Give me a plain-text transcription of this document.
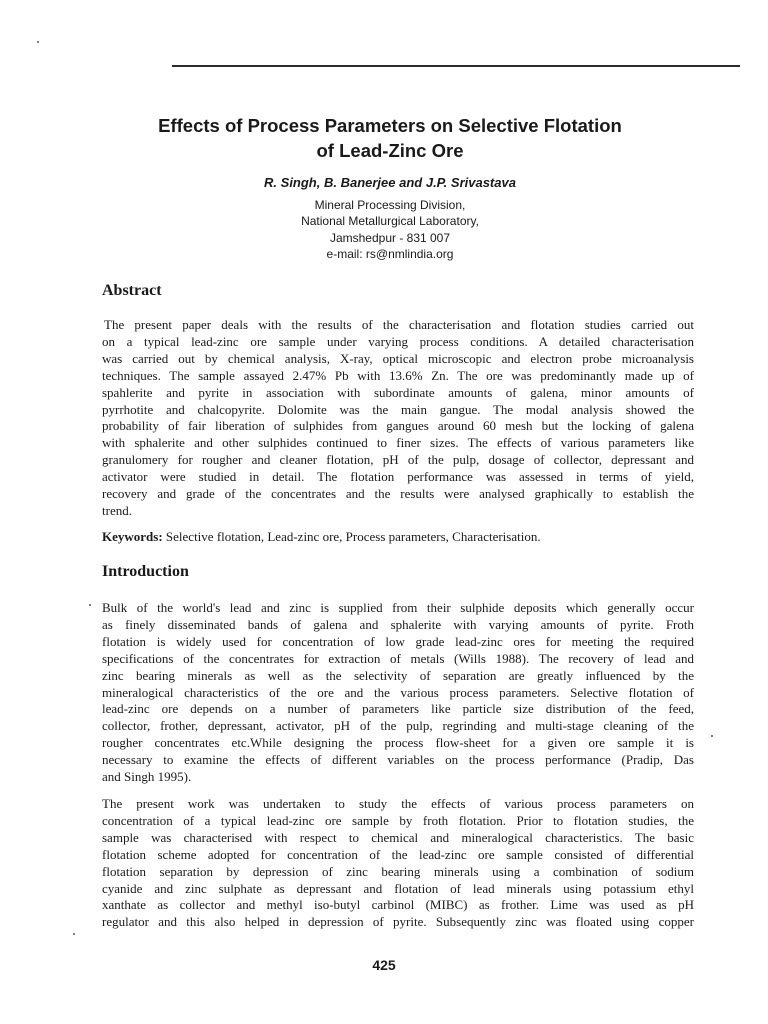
Effects of Process Parameters on Selective Flotation
of Lead-Zinc Ore
R. Singh, B. Banerjee and J.P. Srivastava
Mineral Processing Division,
National Metallurgical Laboratory,
Jamshedpur - 831 007
e-mail: rs@nmlindia.org
Abstract
The present paper deals with the results of the characterisation and flotation studies carried out
on a typical lead-zinc ore sample under varying process conditions. A detailed characterisation
was carried out by chemical analysis, X-ray, optical microscopic and electron probe microanalysis
techniques. The sample assayed 2.47% Pb with 13.6% Zn. The ore was predominantly made up of
spahlerite and pyrite in association with subordinate amounts of galena, minor amounts of
pyrrhotite and chalcopyrite. Dolomite was the main gangue. The modal analysis showed the
probability of fair liberation of sulphides from gangues around 60 mesh but the locking of galena
with sphalerite and other sulphides continued to finer sizes. The effects of various parameters like
granulomery for rougher and cleaner flotation, pH of the pulp, dosage of collector, depressant and
activator were studied in detail. The flotation performance was assessed in terms of yield,
recovery and grade of the concentrates and the results were analysed graphically to establish the
trend.
Keywords: Selective flotation, Lead-zinc ore, Process parameters, Characterisation.
Introduction
Bulk of the world's lead and zinc is supplied from their sulphide deposits which generally occur
as finely disseminated bands of galena and sphalerite with varying amounts of pyrite. Froth
flotation is widely used for concentration of low grade lead-zinc ores for meeting the required
specifications of the concentrates for extraction of metals (Wills 1988). The recovery of lead and
zinc bearing minerals as well as the selectivity of separation are greatly influenced by the
mineralogical characteristics of the ore and the various process parameters. Selective flotation of
lead-zinc ore depends on a number of parameters like particle size distribution of the feed,
collector, frother, depressant, activator, pH of the pulp, regrinding and multi-stage cleaning of the
rougher concentrates etc.While designing the process flow-sheet for a given ore sample it is
necessary to examine the effects of different variables on the process performance (Pradip, Das
and Singh 1995).
The present work was undertaken to study the effects of various process parameters on
concentration of a typical lead-zinc ore sample by froth flotation. Prior to flotation studies, the
sample was characterised with respect to chemical and mineralogical characteristics. The basic
flotation scheme adopted for concentration of the lead-zinc ore sample consisted of differential
flotation separation by depression of zinc bearing minerals using a combination of sodium
cyanide and zinc sulphate as depressant and flotation of lead minerals using potassium ethyl
xanthate as collector and methyl iso-butyl carbinol (MIBC) as frother. Lime was used as pH
regulator and this also helped in depression of pyrite. Subsequently zinc was floated using copper
425
